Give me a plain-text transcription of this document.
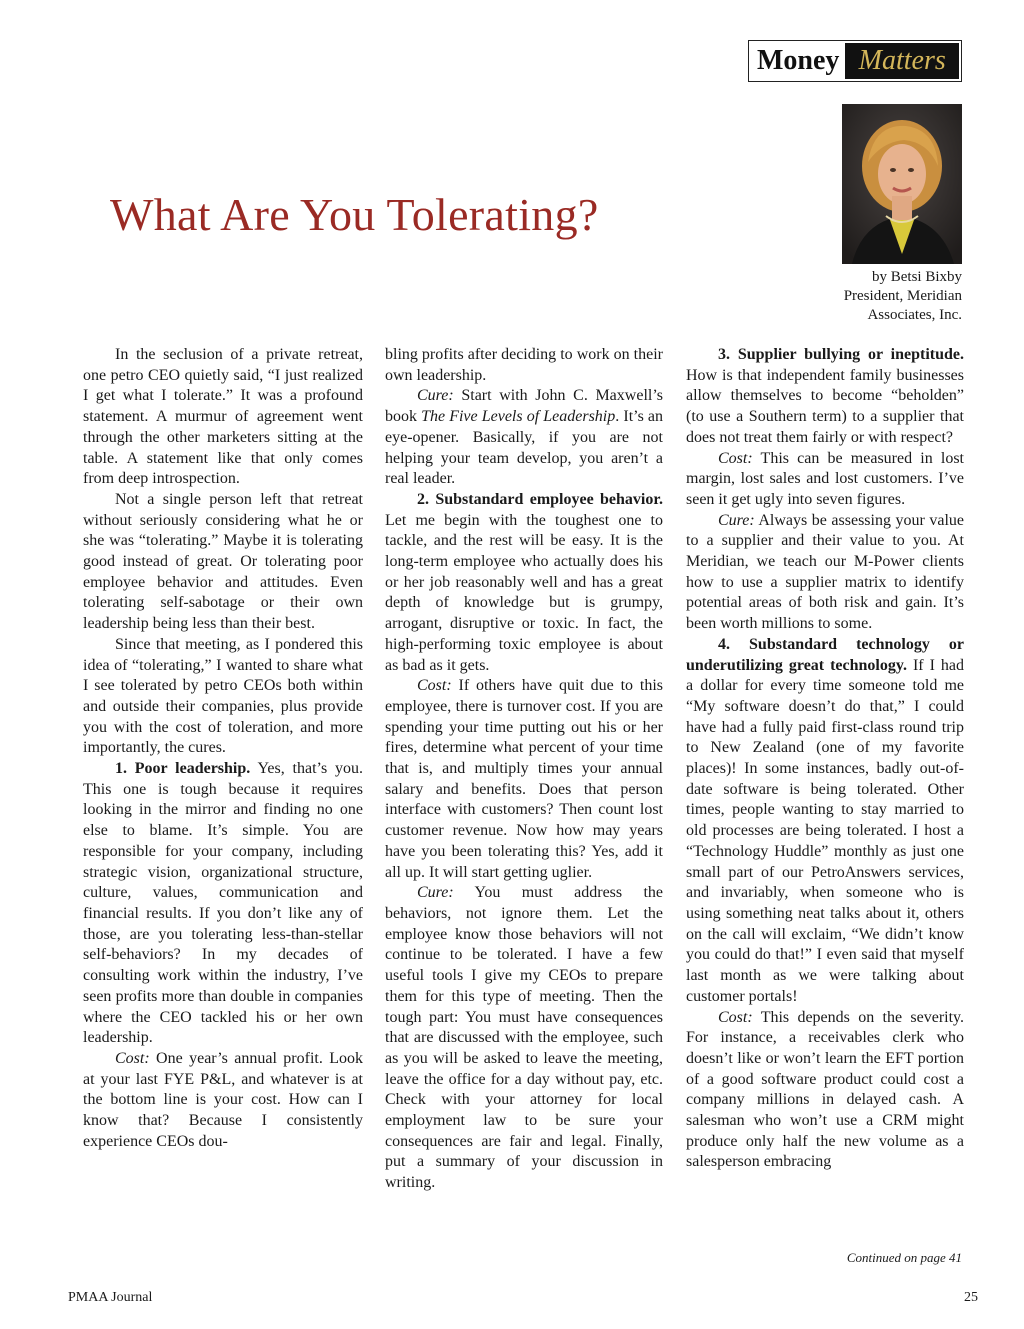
Money Matters
What Are You Tolerating?
by Betsi Bixby
President, Meridian
Associates, Inc.

In the seclusion of a private retreat, one petro CEO quietly said, “I just realized I get what I tolerate.” It was a profound statement. A murmur of agreement went through the other marketers sitting at the table. A statement like that only comes from deep introspection.

Not a single person left that retreat without seriously considering what he or she was “tolerating.” Maybe it is tolerating good instead of great. Or tolerating poor employee behavior and attitudes. Even tolerating self-sabotage or their own leadership being less than their best.

Since that meeting, as I pondered this idea of “tolerating,” I wanted to share what I see tolerated by petro CEOs both within and outside their companies, plus provide you with the cost of toleration, and more importantly, the cures.

1. Poor leadership. Yes, that’s you. This one is tough because it requires looking in the mirror and finding no one else to blame. It’s simple. You are responsible for your company, including strategic vision, organizational structure, culture, values, communication and financial results. If you don’t like any of those, are you tolerating less-than-stellar self-behaviors? In my decades of consulting work within the industry, I’ve seen profits more than double in companies where the CEO tackled his or her own leadership.

Cost: One year’s annual profit. Look at your last FYE P&L, and whatever is at the bottom line is your cost. How can I know that? Because I consistently experience CEOs dou-

bling profits after deciding to work on their own leadership.

Cure: Start with John C. Maxwell’s book The Five Levels of Leadership. It’s an eye-opener. Basically, if you are not helping your team develop, you aren’t a real leader.

2. Substandard employee behavior. Let me begin with the toughest one to tackle, and the rest will be easy. It is the long-term employee who actually does his or her job reasonably well and has a great depth of knowledge but is grumpy, arrogant, disruptive or toxic. In fact, the high-performing toxic employee is about as bad as it gets.

Cost: If others have quit due to this employee, there is turnover cost. If you are spending your time putting out his or her fires, determine what percent of your time that is, and multiply times your annual salary and benefits. Does that person interface with customers? Then count lost customer revenue. Now how may years have you been tolerating this? Yes, add it all up. It will start getting uglier.

Cure: You must address the behaviors, not ignore them. Let the employee know those behaviors will not continue to be tolerated. I have a few useful tools I give my CEOs to prepare them for this type of meeting. Then the tough part: You must have consequences that are discussed with the employee, such as you will be asked to leave the meeting, leave the office for a day without pay, etc. Check with your attorney for local employment law to be sure your consequences are fair and legal. Finally, put a summary of your discussion in writing.

3. Supplier bullying or ineptitude. How is that independent family businesses allow themselves to become “beholden” (to use a Southern term) to a supplier that does not treat them fairly or with respect?

Cost: This can be measured in lost margin, lost sales and lost customers. I’ve seen it get ugly into seven figures.

Cure: Always be assessing your value to a supplier and their value to you. At Meridian, we teach our M-Power clients how to use a supplier matrix to identify potential areas of both risk and gain. It’s been worth millions to some.

4. Substandard technology or underutilizing great technology. If I had a dollar for every time someone told me “My software doesn’t do that,” I could have had a fully paid first-class round trip to New Zealand (one of my favorite places)! In some instances, badly out-of-date software is being tolerated. Other times, people wanting to stay married to old processes are being tolerated. I host a “Technology Huddle” monthly as just one small part of our PetroAnswers services, and invariably, when someone who is using something neat talks about it, others on the call will exclaim, “We didn’t know you could do that!” I even said that myself last month as we were talking about customer portals!

Cost: This depends on the severity. For instance, a receivables clerk who doesn’t like or won’t learn the EFT portion of a good software product could cost a company millions in delayed cash. A salesman who won’t use a CRM might produce only half the new volume as a salesperson embracing

Continued on page 41
PMAA Journal	25
